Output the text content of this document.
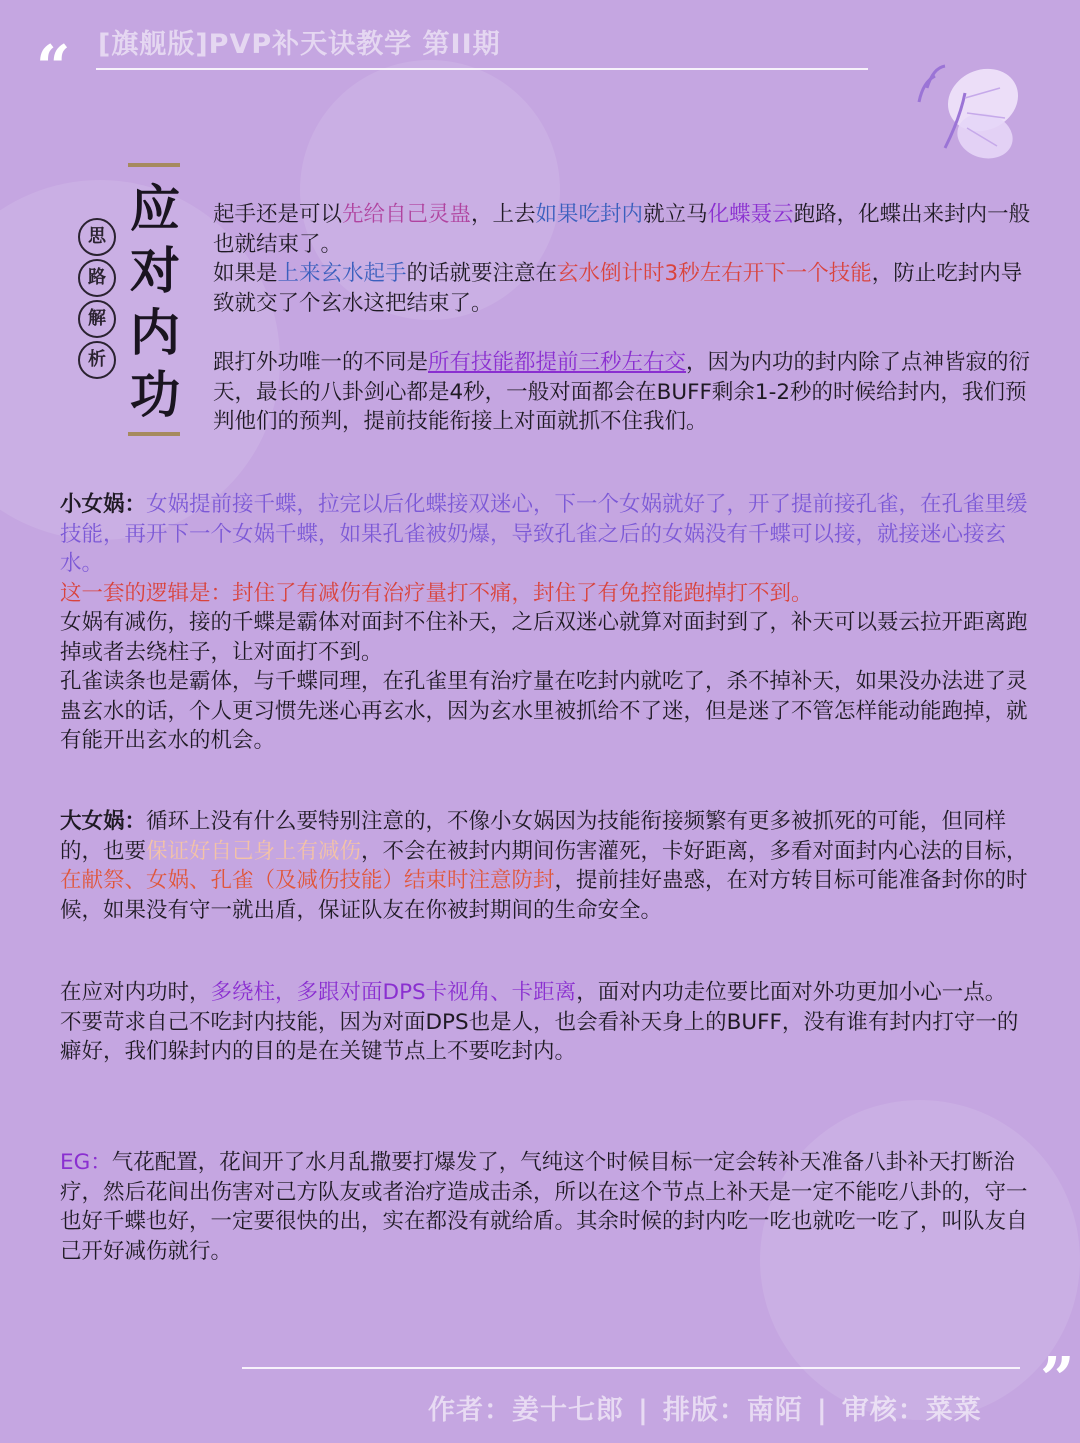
“ [旗舰版]PVP补天诀教学 第II期
应
对
内
功
思
路
解
析

起手还是可以先给自己灵蛊，上去如果吃封内就立马化蝶聂云跑路，化蝶出来封内一般也就结束了。

如果是上来玄水起手的话就要注意在玄水倒计时3秒左右开下一个技能，防止吃封内导致就交了个玄水这把结束了。

跟打外功唯一的不同是所有技能都提前三秒左右交，因为内功的封内除了点神皆寂的衍天，最长的八卦剑心都是4秒，一般对面都会在BUFF剩余1-2秒的时候给封内，我们预判他们的预判，提前技能衔接上对面就抓不住我们。

小女娲：女娲提前接千蝶，拉完以后化蝶接双迷心，下一个女娲就好了，开了提前接孔雀，在孔雀里缓技能，再开下一个女娲千蝶，如果孔雀被奶爆，导致孔雀之后的女娲没有千蝶可以接，就接迷心接玄水。

这一套的逻辑是：封住了有减伤有治疗量打不痛，封住了有免控能跑掉打不到。

女娲有减伤，接的千蝶是霸体对面封不住补天，之后双迷心就算对面封到了，补天可以聂云拉开距离跑掉或者去绕柱子，让对面打不到。

孔雀读条也是霸体，与千蝶同理，在孔雀里有治疗量在吃封内就吃了，杀不掉补天，如果没办法进了灵蛊玄水的话，个人更习惯先迷心再玄水，因为玄水里被抓给不了迷，但是迷了不管怎样能动能跑掉，就有能开出玄水的机会。

大女娲：循环上没有什么要特别注意的，不像小女娲因为技能衔接频繁有更多被抓死的可能，但同样的，也要保证好自己身上有减伤，不会在被封内期间伤害灌死，卡好距离，多看对面封内心法的目标，在献祭、女娲、孔雀（及减伤技能）结束时注意防封，提前挂好蛊惑，在对方转目标可能准备封你的时候，如果没有守一就出盾，保证队友在你被封期间的生命安全。

在应对内功时，多绕柱，多跟对面DPS卡视角、卡距离，面对内功走位要比面对外功更加小心一点。

不要苛求自己不吃封内技能，因为对面DPS也是人，也会看补天身上的BUFF，没有谁有封内打守一的癖好，我们躲封内的目的是在关键节点上不要吃封内。

EG：气花配置，花间开了水月乱撒要打爆发了，气纯这个时候目标一定会转补天准备八卦补天打断治疗，然后花间出伤害对己方队友或者治疗造成击杀，所以在这个节点上补天是一定不能吃八卦的，守一也好千蝶也好，一定要很快的出，实在都没有就给盾。其余时候的封内吃一吃也就吃一吃了，叫队友自己开好减伤就行。

”
作者：姜十七郎 | 排版：南陌 | 审核：菜菜
